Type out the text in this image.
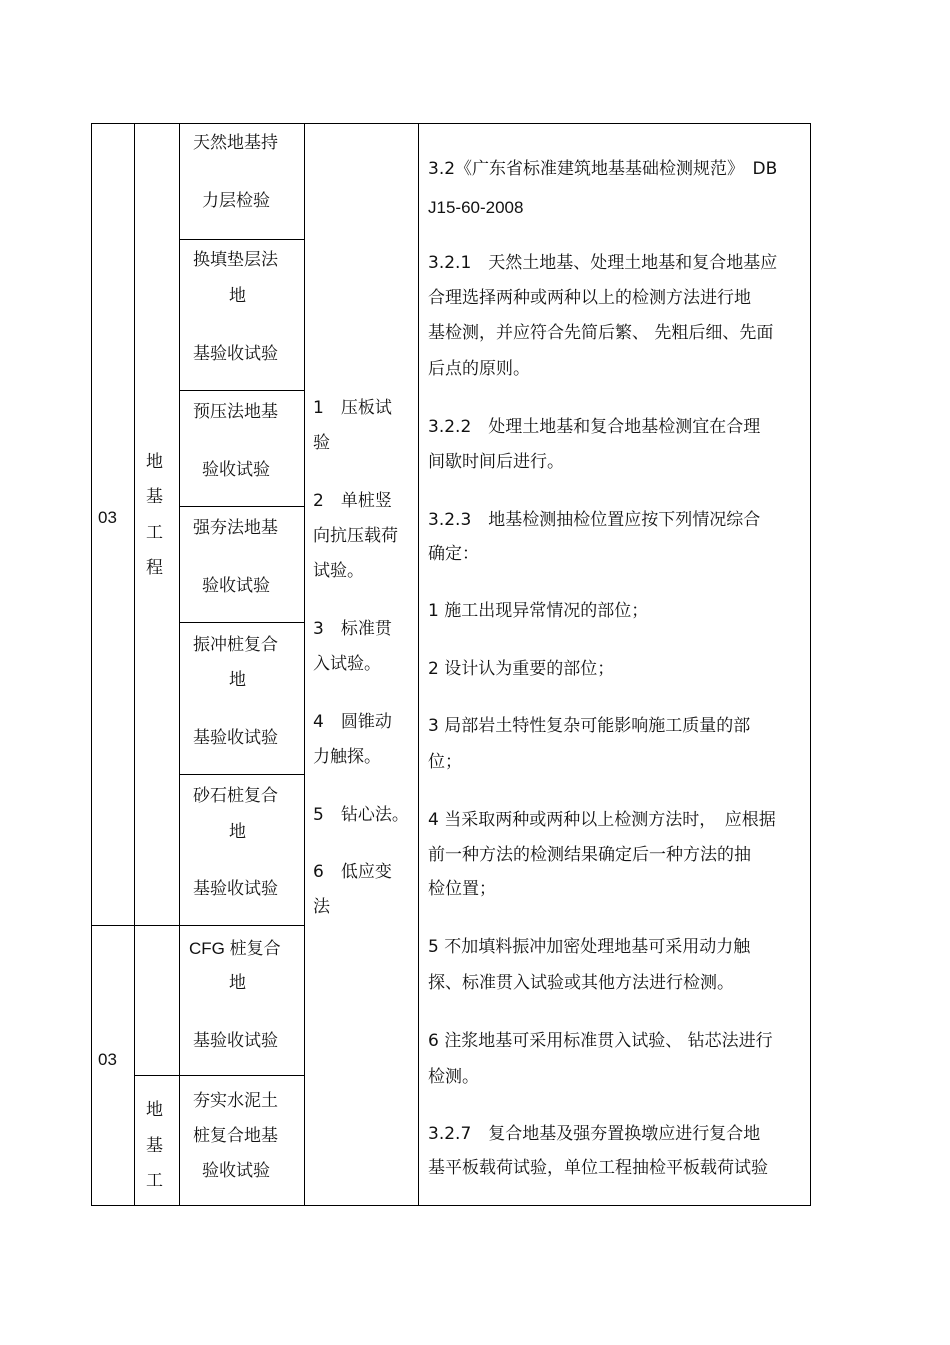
03
03
地
基
工
程
地
基
工
天然地基持
力层检验
换填垫层法
地
基验收试验
预压法地基
验收试验
强夯法地基
验收试验
振冲桩复合
地
基验收试验
砂石桩复合
地
基验收试验
CFG 桩复合
地
基验收试验
夯实水泥土
桩复合地基
验收试验
1　压板试
验
2　单桩竖
向抗压载荷
试验。
3　标准贯
入试验。
4　圆锥动
力触探。
5　钻心法。
6　低应变
法
3.2《广东省标准建筑地基基础检测规范》　DB
J15-60-2008
3.2.1　天然土地基、处理土地基和复合地基应
合理选择两种或两种以上的检测方法进行地
基检测，并应符合先简后繁、 先粗后细、先面
后点的原则。
3.2.2　处理土地基和复合地基检测宜在合理
间歇时间后进行。
3.2.3　地基检测抽检位置应按下列情况综合
确定：
1 施工出现异常情况的部位；
2 设计认为重要的部位；
3 局部岩土特性复杂可能影响施工质量的部
位；
4 当采取两种或两种以上检测方法时，　应根据
前一种方法的检测结果确定后一种方法的抽
检位置；
5 不加填料振冲加密处理地基可采用动力触
探、标准贯入试验或其他方法进行检测。
6 注浆地基可采用标准贯入试验、 钻芯法进行
检测。
3.2.7　复合地基及强夯置换墩应进行复合地
基平板载荷试验，单位工程抽检平板载荷试验
